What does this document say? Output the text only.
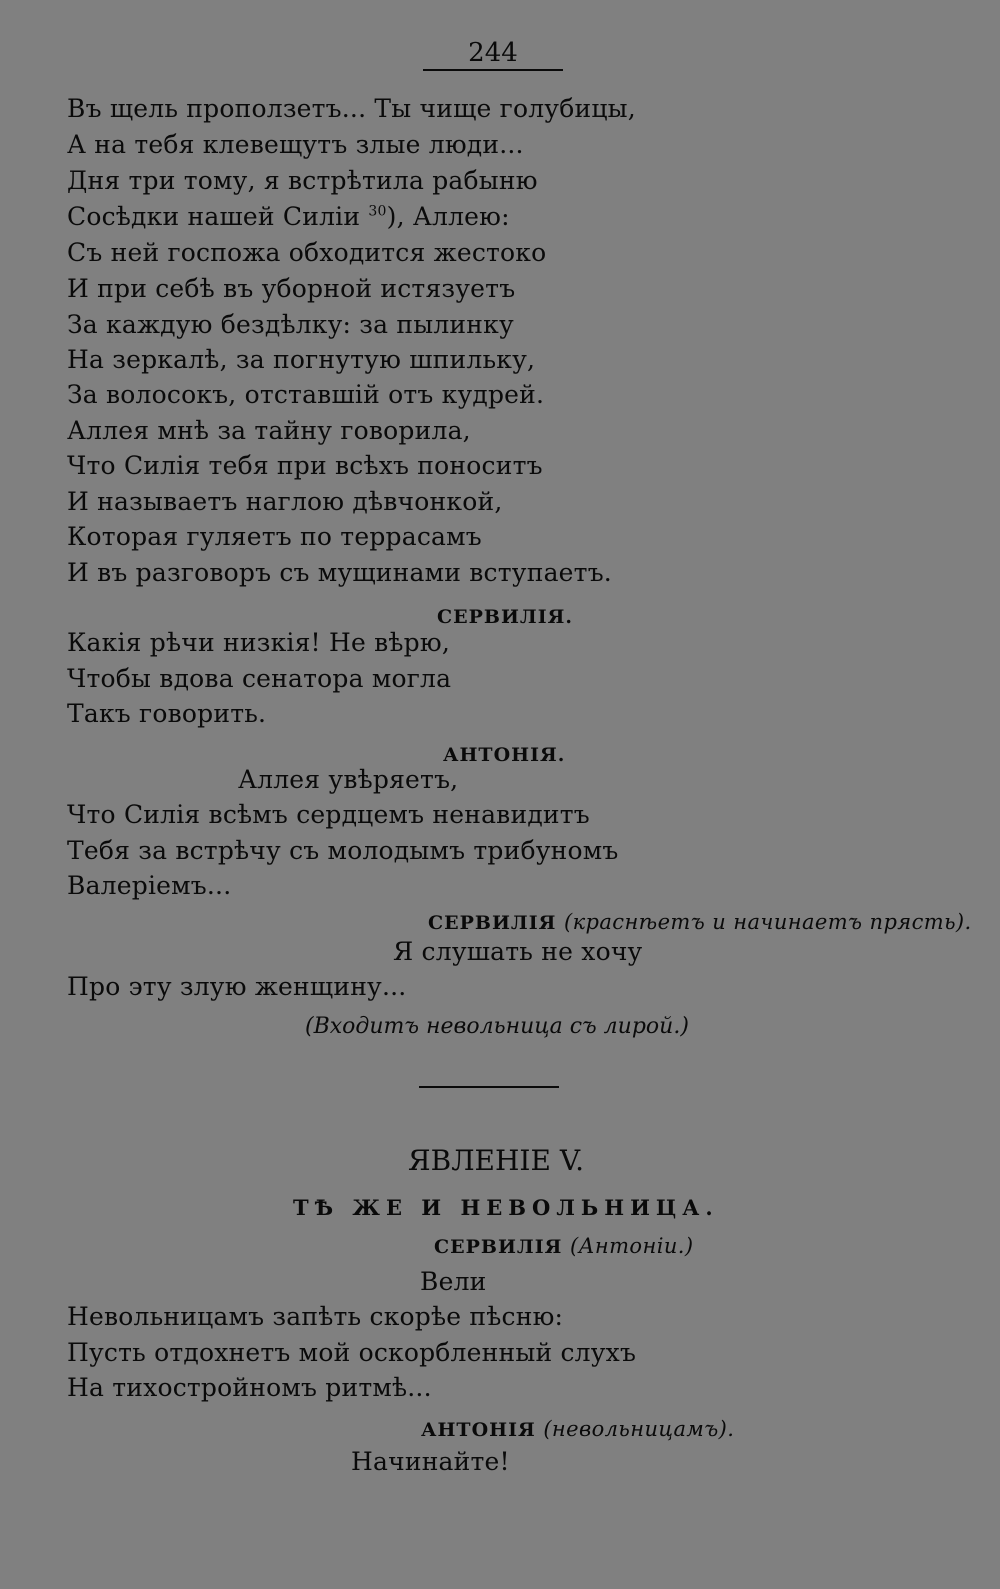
244
Въ щель проползетъ... Ты чище голубицы,
А на тебя клевещутъ злые люди...
Дня три тому, я встрѣтила рабыню
Сосѣдки нашей Силіи $^{30}$), Аллею:
Съ ней госпожа обходится жестоко
И при себѣ въ уборной истязуетъ
За каждую бездѣлку: за пылинку
На зеркалѣ, за погнутую шпильку,
За волосокъ, отставшій отъ кудрей.
Аллея мнѣ за тайну говорила,
Что Силія тебя при всѣхъ поноситъ
И называетъ наглою дѣвчонкой,
Которая гуляетъ по террасамъ
И въ разговоръ съ мущинами вступаетъ.
СЕРВИЛІЯ.
Какія рѣчи низкія! Не вѣрю,
Чтобы вдова сенатора могла
Такъ говорить.
АНТОНІЯ.
Аллея увѣряетъ,
Что Силія всѣмъ сердцемъ ненавидитъ
Тебя за встрѣчу съ молодымъ трибуномъ
Валеріемъ...
СЕРВИЛІЯ (краснѣетъ и начинаетъ прясть).
Я слушать не хочу
Про эту злую женщину...
(Входитъ невольница съ лирой.)
ЯВЛЕНІЕ V.
ТѢ ЖЕ И НЕВОЛЬНИЦА.
СЕРВИЛІЯ (Антоніи.)
Вели
Невольницамъ запѣть скорѣе пѣсню:
Пусть отдохнетъ мой оскорбленный слухъ
На тихостройномъ ритмѣ...
АНТОНІЯ (невольницамъ).
Начинайте!
